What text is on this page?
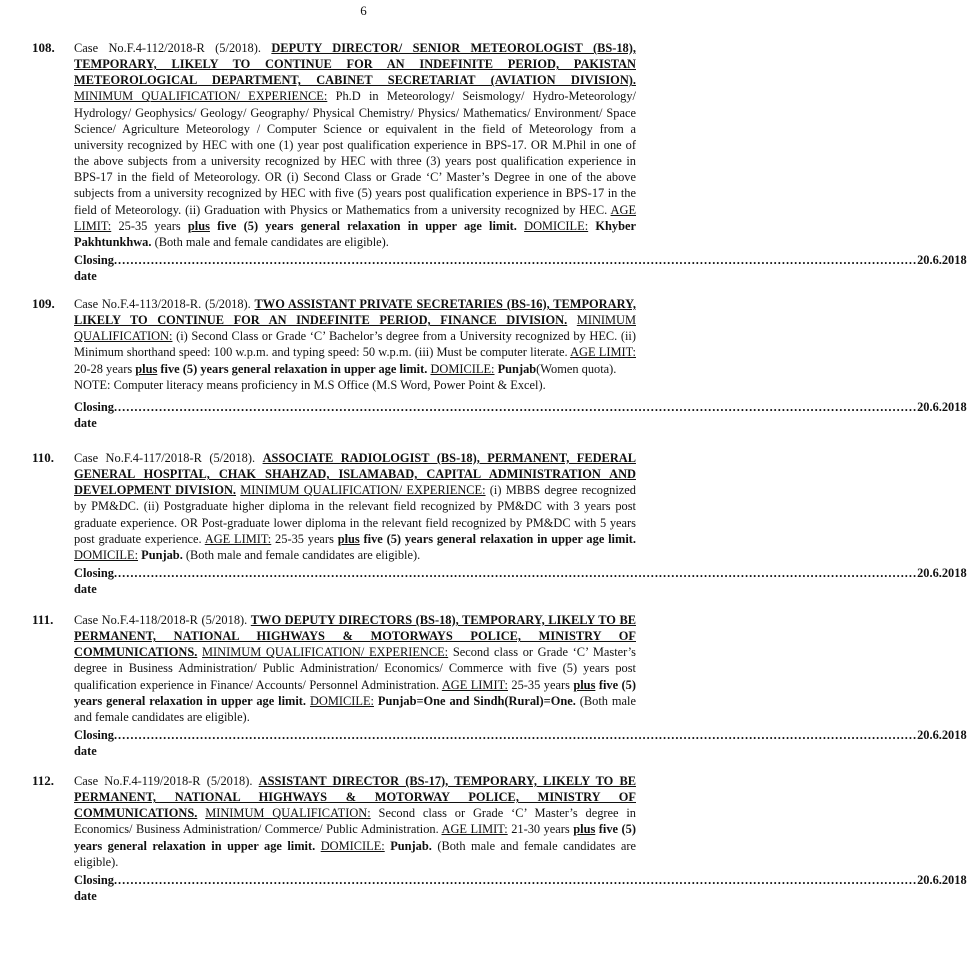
6
108. Case No.F.4-112/2018-R (5/2018). DEPUTY DIRECTOR/ SENIOR METEOROLOGIST (BS-18), TEMPORARY, LIKELY TO CONTINUE FOR AN INDEFINITE PERIOD, PAKISTAN METEOROLOGICAL DEPARTMENT, CABINET SECRETARIAT (AVIATION DIVISION). MINIMUM QUALIFICATION/ EXPERIENCE: Ph.D in Meteorology/ Seismology/ Hydro-Meteorology/ Hydrology/ Geophysics/ Geology/ Geography/ Physical Chemistry/ Physics/ Mathematics/ Environment/ Space Science/ Agriculture Meteorology / Computer Science or equivalent in the field of Meteorology from a university recognized by HEC with one (1) year post qualification experience in BPS-17. OR M.Phil in one of the above subjects from a university recognized by HEC with three (3) years post qualification experience in BPS-17 in the field of Meteorology. OR (i) Second Class or Grade ‘C’ Master’s Degree in one of the above subjects from a university recognized by HEC with five (5) years post qualification experience in BPS-17 in the field of Meteorology. (ii) Graduation with Physics or Mathematics from a university recognized by HEC. AGE LIMIT: 25-35 years plus five (5) years general relaxation in upper age limit. DOMICILE: Khyber Pakhtunkhwa. (Both male and female candidates are eligible).
Closing date
.................................................................................................................................................................................................... 20.6.2018
109. Case No.F.4-113/2018-R. (5/2018). TWO ASSISTANT PRIVATE SECRETARIES (BS-16), TEMPORARY, LIKELY TO CONTINUE FOR AN INDEFINITE PERIOD, FINANCE DIVISION. MINIMUM QUALIFICATION: (i) Second Class or Grade ‘C’ Bachelor’s degree from a University recognized by HEC. (ii) Minimum shorthand speed: 100 w.p.m. and typing speed: 50 w.p.m. (iii) Must be computer literate. AGE LIMIT: 20-28 years plus five (5) years general relaxation in upper age limit. DOMICILE: Punjab(Women quota).
NOTE: Computer literacy means proficiency in M.S Office (M.S Word, Power Point & Excel).
Closing date
.................................................................................................................................................................................................... 20.6.2018
110. Case No.F.4-117/2018-R (5/2018). ASSOCIATE RADIOLOGIST (BS-18), PERMANENT, FEDERAL GENERAL HOSPITAL, CHAK SHAHZAD, ISLAMABAD, CAPITAL ADMINISTRATION AND DEVELOPMENT DIVISION. MINIMUM QUALIFICATION/ EXPERIENCE: (i) MBBS degree recognized by PM&DC. (ii) Postgraduate higher diploma in the relevant field recognized by PM&DC with 3 years post graduate experience. OR Post-graduate lower diploma in the relevant field recognized by PM&DC with 5 years post graduate experience. AGE LIMIT: 25-35 years plus five (5) years general relaxation in upper age limit. DOMICILE: Punjab. (Both male and female candidates are eligible).
Closing date
.................................................................................................................................................................................................... 20.6.2018
111. Case No.F.4-118/2018-R (5/2018). TWO DEPUTY DIRECTORS (BS-18), TEMPORARY, LIKELY TO BE PERMANENT, NATIONAL HIGHWAYS & MOTORWAYS POLICE, MINISTRY OF COMMUNICATIONS. MINIMUM QUALIFICATION/ EXPERIENCE: Second class or Grade ‘C’ Master’s degree in Business Administration/ Public Administration/ Economics/ Commerce with five (5) years post qualification experience in Finance/ Accounts/ Personnel Administration. AGE LIMIT: 25-35 years plus five (5) years general relaxation in upper age limit. DOMICILE: Punjab=One and Sindh(Rural)=One. (Both male and female candidates are eligible).
Closing date
.................................................................................................................................................................................................... 20.6.2018
112. Case No.F.4-119/2018-R (5/2018). ASSISTANT DIRECTOR (BS-17), TEMPORARY, LIKELY TO BE PERMANENT, NATIONAL HIGHWAYS & MOTORWAY POLICE, MINISTRY OF COMMUNICATIONS. MINIMUM QUALIFICATION: Second class or Grade ‘C’ Master’s degree in Economics/ Business Administration/ Commerce/ Public Administration. AGE LIMIT: 21-30 years plus five (5) years general relaxation in upper age limit. DOMICILE: Punjab. (Both male and female candidates are eligible).
Closing date
.................................................................................................................................................................................................... 20.6.2018
